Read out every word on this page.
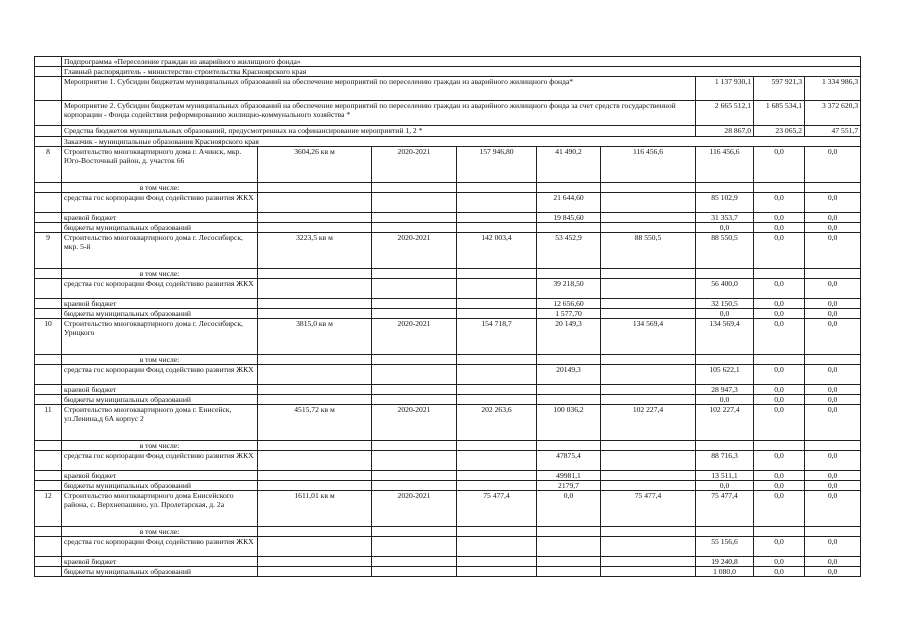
	Подпрограмма «Переселение граждан из аварийного жилищного фонда»								
	Главный распорядитель - министерство строительства Красноярского края								
	Мероприятие 1. Субсидии бюджетам муниципальных образований на обеспечение мероприятий по переселению граждан из аварийного жилищного фонда*						1 137 930,1	597 921,3	1 334 986,3
	Мероприятие 2. Субсидии бюджетам муниципальных образований на обеспечение мероприятий по переселению граждан из аварийного жилищного фонда за счет средств государственной корпорации - Фонда содействия реформированию жилищно-коммунального хозяйства *						2 665 512,1	1 685 534,1	3 372 620,3
	Средства бюджетов муниципальных образований, предусмотренных на софинансирование мероприятий 1, 2 *						28 867,0	23 065,2	47 551,7
	Заказчик - муниципальные образования Красноярского края								
8	Строительство многоквартирного дома г. Ачинск, мкр. Юго-Восточный район, д. участок 66	3604,26 кв м	2020-2021	157 946,80	41 490,2	116 456,6	116 456,6	0,0	0,0
	в том числе:								
	средства гос корпорации Фонд содействию развития ЖКХ				21 644,60		85 102,9	0,0	0,0
	краевой бюджет				19 845,60		31 353,7	0,0	0,0
	бюджеты муниципальных образований						0,0	0,0	0,0
9	Строительство многоквартирного дома г. Лесосибирск, мкр. 5-й	3223,5 кв м	2020-2021	142 003,4	53 452,9	88 550,5	88 550,5	0,0	0,0
	в том числе:								
	средства гос корпорации Фонд содействию развития ЖКХ				39 218,50		56 400,0	0,0	0,0
	краевой бюджет				12 656,60		32 150,5	0,0	0,0
	бюджеты муниципальных образований				1 577,70		0,0	0,0	0,0
10	Строительство многоквартирного дома г. Лесосибирск, Урицкого	3815,0 кв м	2020-2021	154 718,7	20 149,3	134 569,4	134 569,4	0,0	0,0
	в том числе:								
	средства гос корпорации Фонд содействию развития ЖКХ				20149,3		105 622,1	0,0	0,0
	краевой бюджет						28 947,3	0,0	0,0
	бюджеты муниципальных образований						0,0	0,0	0,0
11	Строительство многоквартирного дома г. Енисейск, ул.Ленина,д 6А корпус 2	4515,72 кв м	2020-2021	202 263,6	100 036,2	102 227,4	102 227,4	0,0	0,0
	в том числе:								
	средства гос корпорации Фонд содействию развития ЖКХ				47875,4		88 716,3	0,0	0,0
	краевой бюджет				49981,1		13 511,1	0,0	0,0
	бюджеты муниципальных образований				2179,7		0,0	0,0	0,0
12	Строительство многоквартирного дома Енисейского района, с. Верхнепашино, ул. Пролетарская, д. 2а	1611,01 кв м	2020-2021	75 477,4	0,0	75 477,4	75 477,4	0,0	0,0
	в том числе:								
	средства гос корпорации Фонд содействию развития ЖКХ						55 156,6	0,0	0,0
	краевой бюджет						19 240,8	0,0	0,0
	бюджеты муниципальных образований						1 080,0	0,0	0,0
